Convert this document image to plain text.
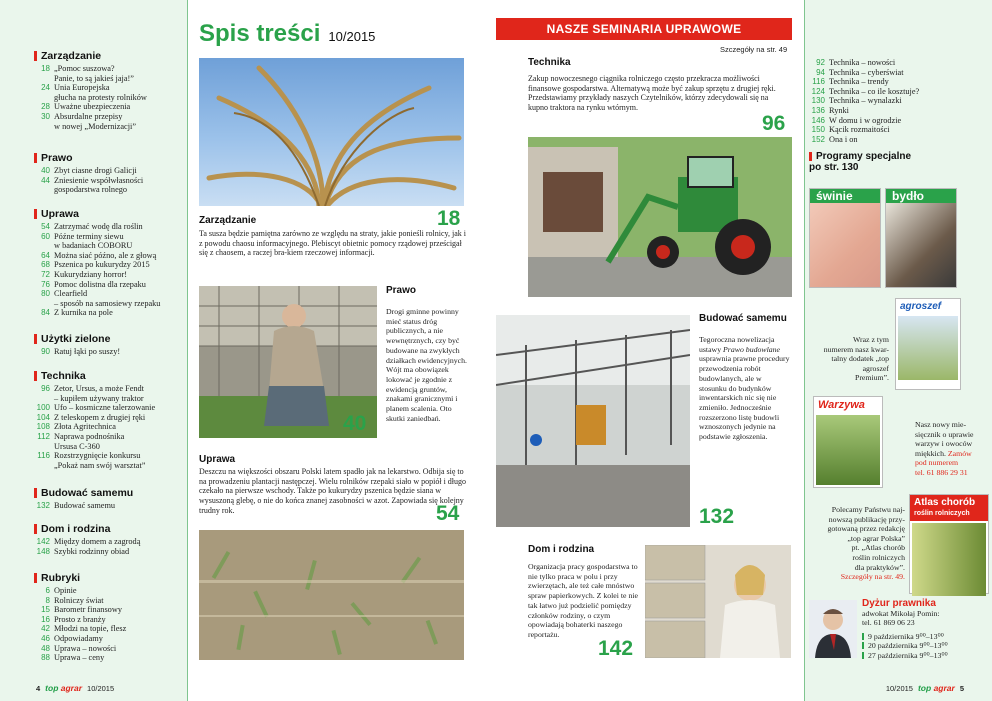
Zarządzanie
18 „Pomoc suszowa?
Panie, to są jakieś jaja!”
24 Unia Europejska
głucha na protesty rolników
28 Uważne ubezpieczenia
30 Absurdalne przepisy
w nowej „Modernizacji”
Prawo
40 Zbyt ciasne drogi Galicji
44 Zniesienie współwłasności
gospodarstwa rolnego
Uprawa
54 Zatrzymać wodę dla roślin
60 Późne terminy siewu
w badaniach COBORU
64 Można siać późno, ale z głową
68 Pszenica po kukurydzy 2015
72 Kukurydziany horror!
76 Pomoc dolistna dla rzepaku
80 Clearfield
– sposób na samosiewy rzepaku
84 Z kurnika na pole
Użytki zielone
90 Ratuj łąki po suszy!
Technika
96 Zetor, Ursus, a może Fendt
– kupiłem używany traktor
100 Ufo – kosmiczne talerzowanie
104 Z teleskopem z drugiej ręki
108 Złota Agritechnica
112 Naprawa podnośnika
Ursusa C-360
116 Rozstrzygnięcie konkursu
„Pokaż nam swój warsztat”
Budować samemu
132 Budować samemu
Dom i rodzina
142 Między domem a zagrodą
148 Szybki rodzinny obiad
Rubryki
6 Opinie
8 Rolniczy świat
15 Barometr finansowy
16 Prosto z branży
42 Młodzi na topie, flesz
46 Odpowiadamy
48 Uprawa – nowości
88 Uprawa – ceny
4 top agrar 10/2015
Spis treści 10/2015
Zarządzanie	18
Ta susza będzie pamiętna zarówno ze względu na straty, jakie ponieśli rolnicy, jak i z powodu chaosu informacyjnego. Plebiscyt obietnic pomocy rządowej prześcigał się z chaosem, a raczej bra-kiem rzeczowej informacji.
40
Prawo
Drogi gminne powinny mieć status dróg publicznych, a nie wewnętrznych, czy być budowane na zwykłych działkach ewidencyjnych. Wójt ma obowiązek lokować je zgodnie z ewidencją gruntów, znakami granicznymi i planem scalenia. Oto skutki zaniedbań.
Uprawa
Deszczu na większości obszaru Polski latem spadło jak na lekarstwo. Odbija się to na prowadzeniu plantacji następczej. Wielu rolników rzepaki siało w popiół i długo czekało na pierwsze wschody. Także po kukurydzy pszenica będzie siana w wysuszoną glebę, o nie do końca znanej zasobności w azot. Zapowiada się kolejny trudny rok.	54
NASZE SEMINARIA UPRAWOWE
Szczegóły na str. 49
Technika
Zakup nowoczesnego ciągnika rolniczego często przekracza możliwości finansowe gospodarstwa. Alternatywą może być zakup sprzętu z drugiej ręki. Przedstawiamy przykłady naszych Czytelników, którzy zdecydowali się na kupno traktora na rynku wtórnym.
96
Budować samemu
Tegoroczna nowelizacja ustawy Prawo budowlane usprawnia prawne procedury przewodzenia robót budowlanych, ale w stosunku do budynków inwentarskich nic się nie zmieniło. Jednocześnie rozszerzono listę budowli wznoszonych jedynie na podstawie zgłoszenia.
132
Dom i rodzina
Organizacja pracy gospodarstwa to nie tylko praca w polu i przy zwierzętach, ale też całe mnóstwo spraw papierkowych. Z kolei te nie tak łatwo już podzielić pomiędzy członków rodziny, o czym opowiadają bohaterki naszego reportażu.
142
92 Technika – nowości
94 Technika – cyberświat
116 Technika – trendy
124 Technika – co ile kosztuje?
130 Technika – wynalazki
136 Rynki
146 W domu i w ogrodzie
150 Kącik rozmaitości
152 Ona i on
Programy specjalne
po str. 130
świnie	bydło
Wraz z tym
numerem nasz kwar-
talny dodatek „top
agroszef
Premium”.
agroszef
Warzywa
Nasz nowy mie-
sięcznik o uprawie
warzyw i owoców
miękkich. Zamów
pod numerem
tel. 61 886 29 31
Atlas chorób
roślin rolniczych
Polecamy Państwu naj-
nowszą publikację przy-
gotowaną przez redakcję
„top agrar Polska”
pt. „Atlas chorób
roślin rolniczych
dla praktyków”.
Szczegóły na str. 49.
Dyżur prawnika
adwokat Mikołaj Pomin:
tel. 61 869 06 23
9 października 9⁰⁰–13⁰⁰
20 października 9⁰⁰–13⁰⁰
27 października 9⁰⁰–13⁰⁰
10/2015 top agrar 5
